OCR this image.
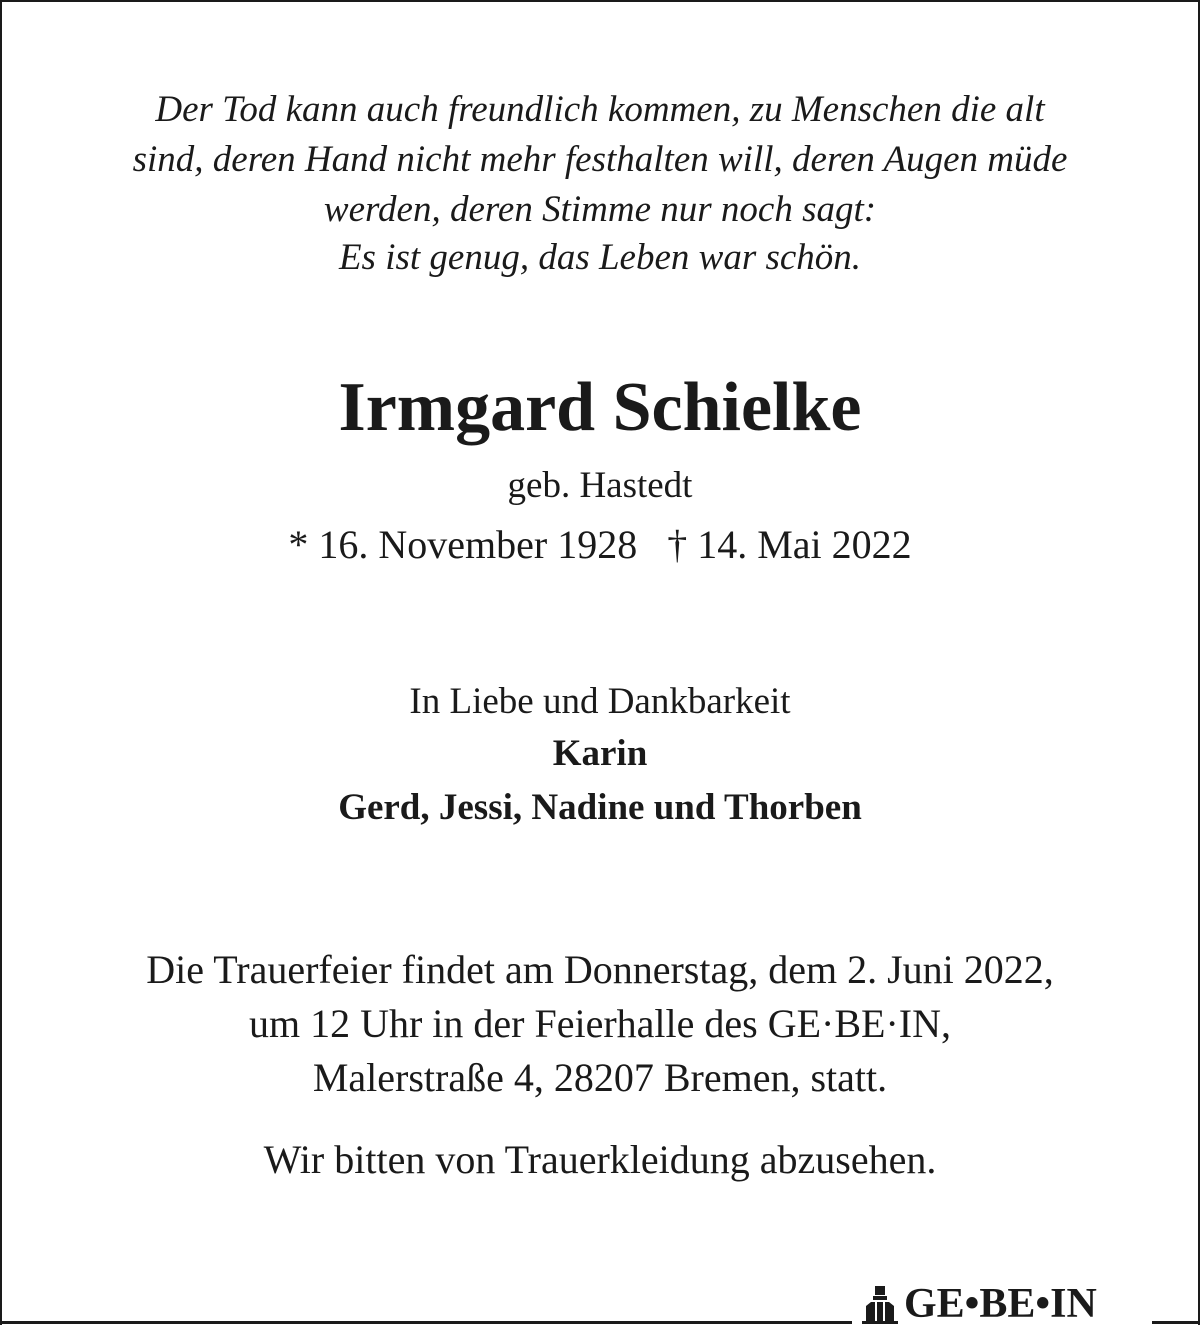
Der Tod kann auch freundlich kommen, zu Menschen die alt

sind, deren Hand nicht mehr festhalten will, deren Augen müde

werden, deren Stimme nur noch sagt:

Es ist genug, das Leben war schön.

Irmgard Schielke

geb. Hastedt

* 16. November 1928 † 14. Mai 2022

In Liebe und Dankbarkeit

Karin

Gerd, Jessi, Nadine und Thorben

Die Trauerfeier findet am Donnerstag, dem 2. Juni 2022,

um 12 Uhr in der Feierhalle des GE·BE·IN,

Malerstraße 4, 28207 Bremen, statt.

Wir bitten von Trauerkleidung abzusehen.

GE•BE•IN
